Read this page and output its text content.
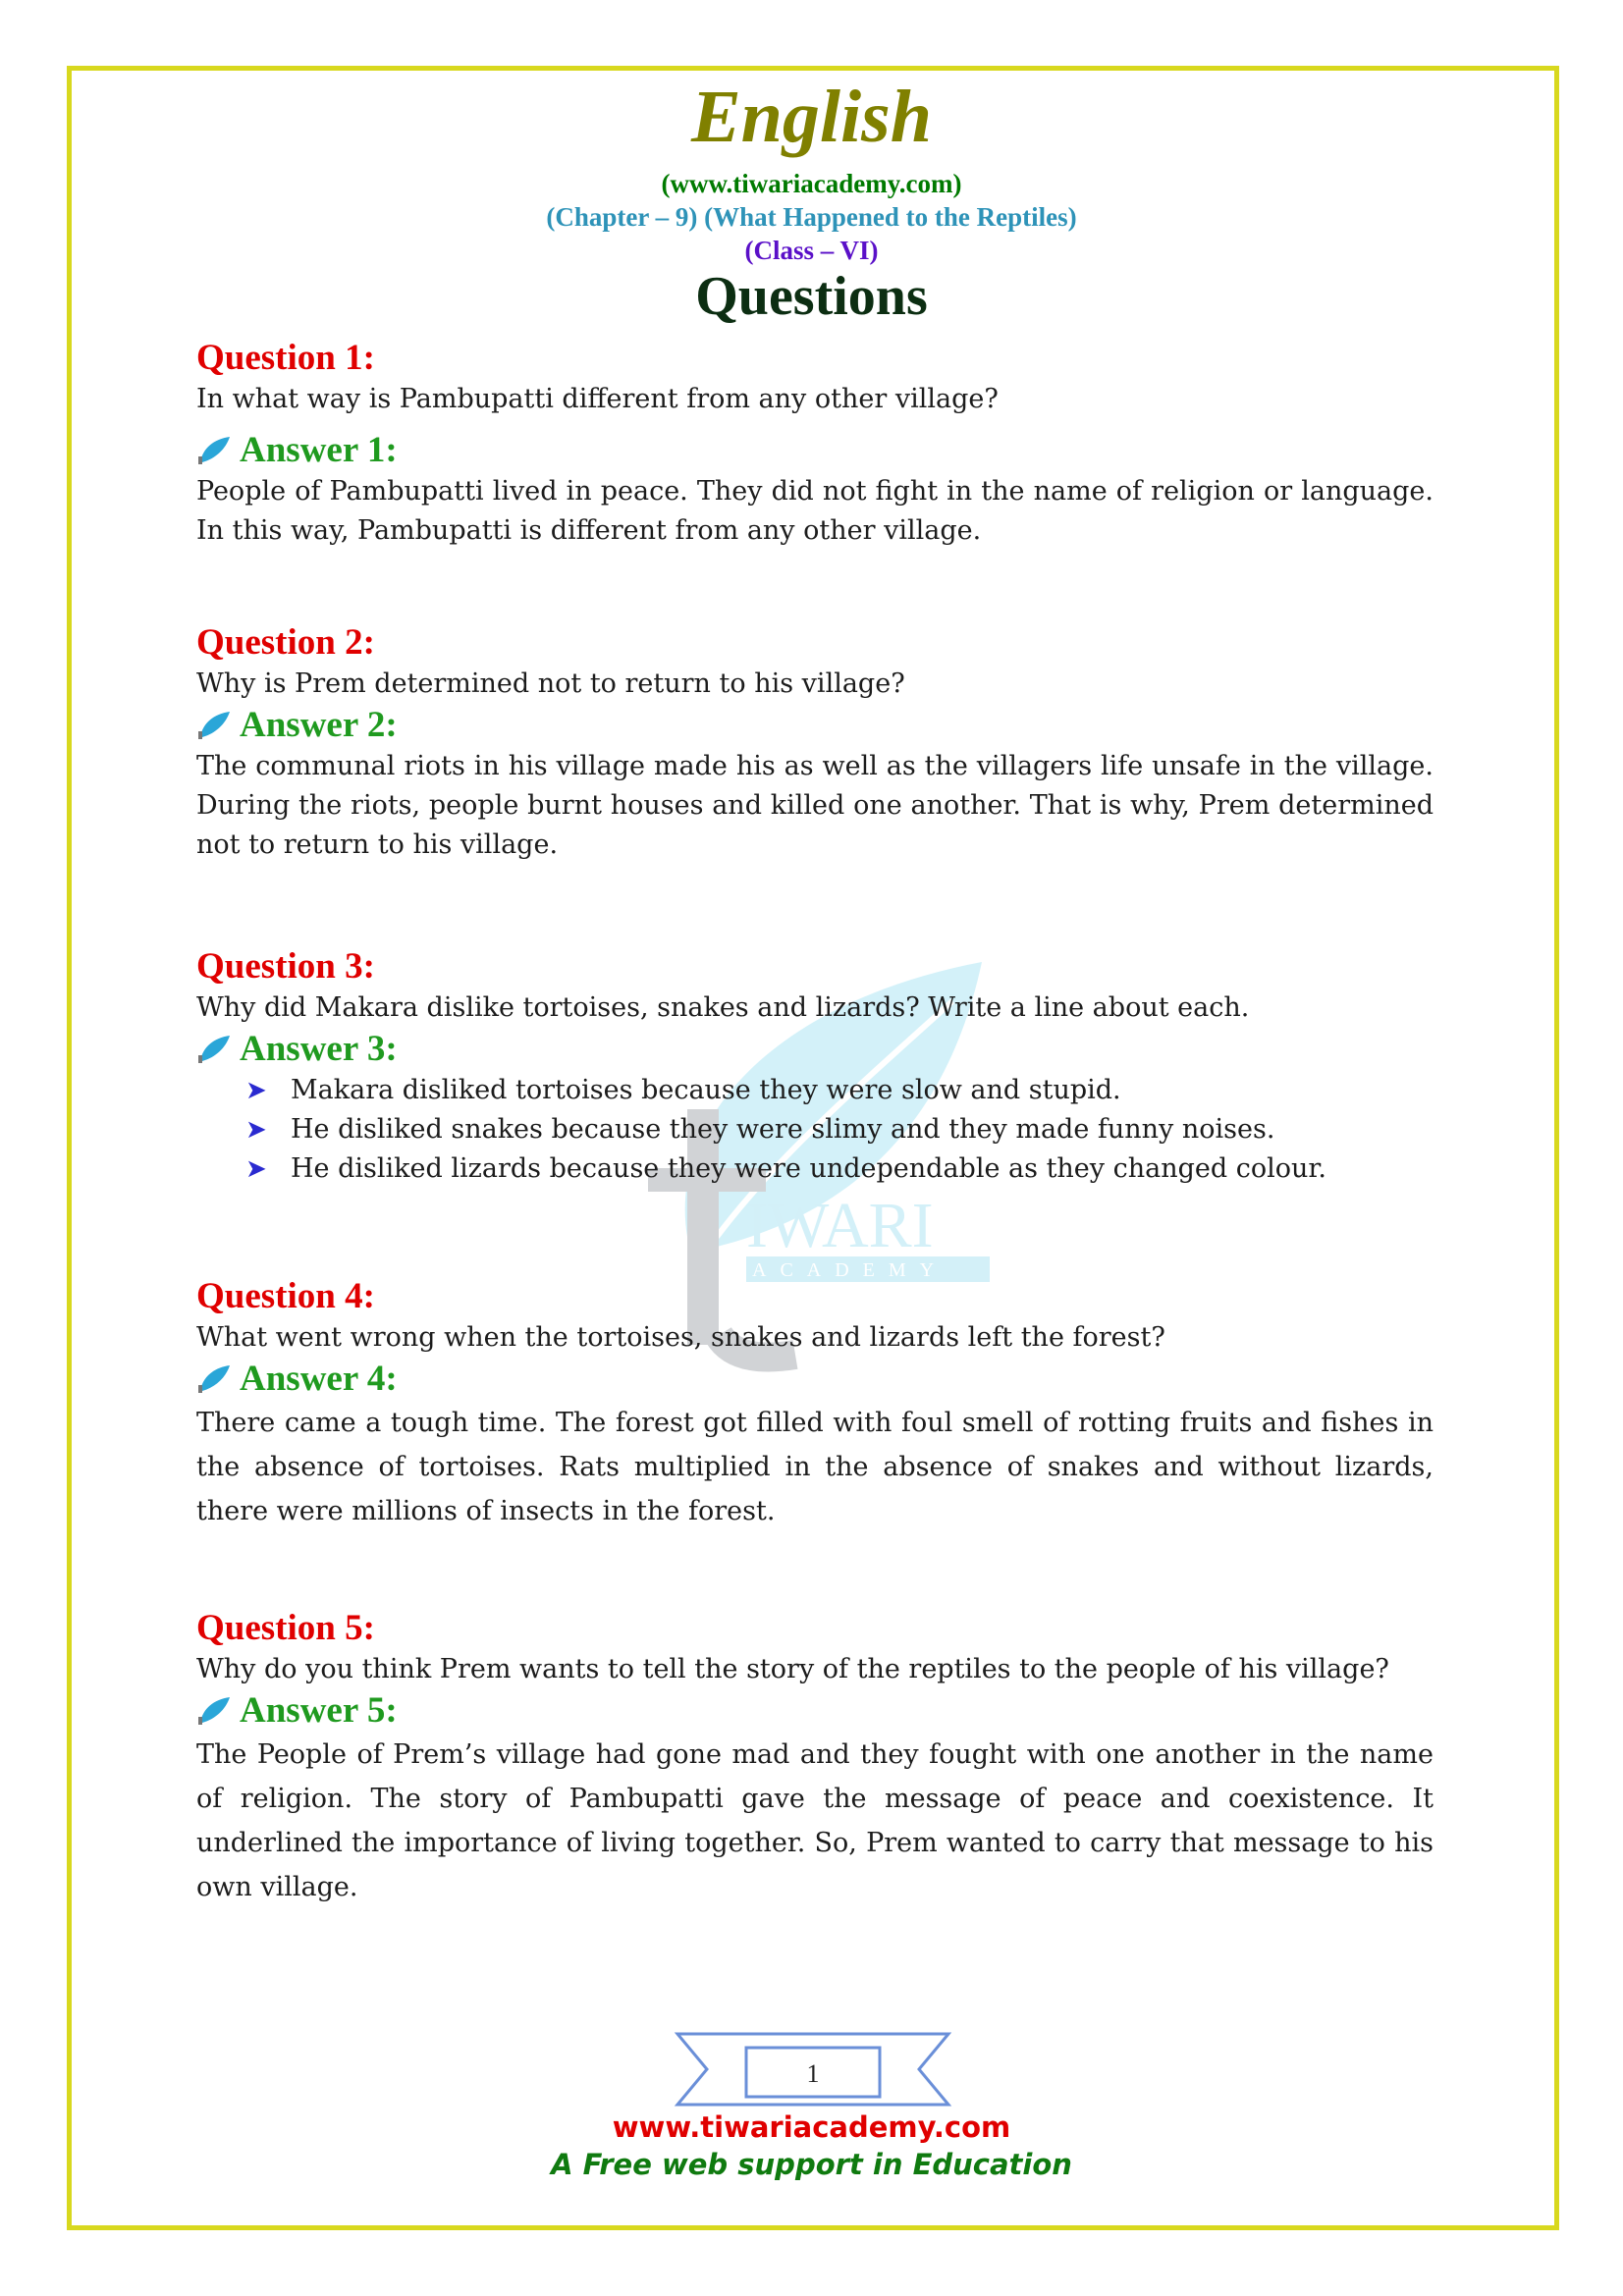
IWARI
ACADEMY
English
(www.tiwariacademy.com)
(Chapter – 9) (What Happened to the Reptiles)
(Class – VI)
Questions

Question 1:

In what way is Pambupatti different from any other village?

Answer 1:

People of Pambupatti lived in peace. They did not fight in the name of religion or language. In this way, Pambupatti is different from any other village.

Question 2:

Why is Prem determined not to return to his village?

Answer 2:

The communal riots in his village made his as well as the villagers life unsafe in the village. During the riots, people burnt houses and killed one another. That is why, Prem determined not to return to his village.

Question 3:

Why did Makara dislike tortoises, snakes and lizards? Write a line about each.

Answer 3:

➤ Makara disliked tortoises because they were slow and stupid.
➤ He disliked snakes because they were slimy and they made funny noises.
➤ He disliked lizards because they were undependable as they changed colour.

Question 4:

What went wrong when the tortoises, snakes and lizards left the forest?

Answer 4:

There came a tough time. The forest got filled with foul smell of rotting fruits and fishes in the absence of tortoises. Rats multiplied in the absence of snakes and without lizards, there were millions of insects in the forest.

Question 5:

Why do you think Prem wants to tell the story of the reptiles to the people of his village?

Answer 5:

The People of Prem’s village had gone mad and they fought with one another in the name of religion. The story of Pambupatti gave the message of peace and coexistence. It underlined the importance of living together. So, Prem wanted to carry that message to his own village.

1
www.tiwariacademy.com
A Free web support in Education
